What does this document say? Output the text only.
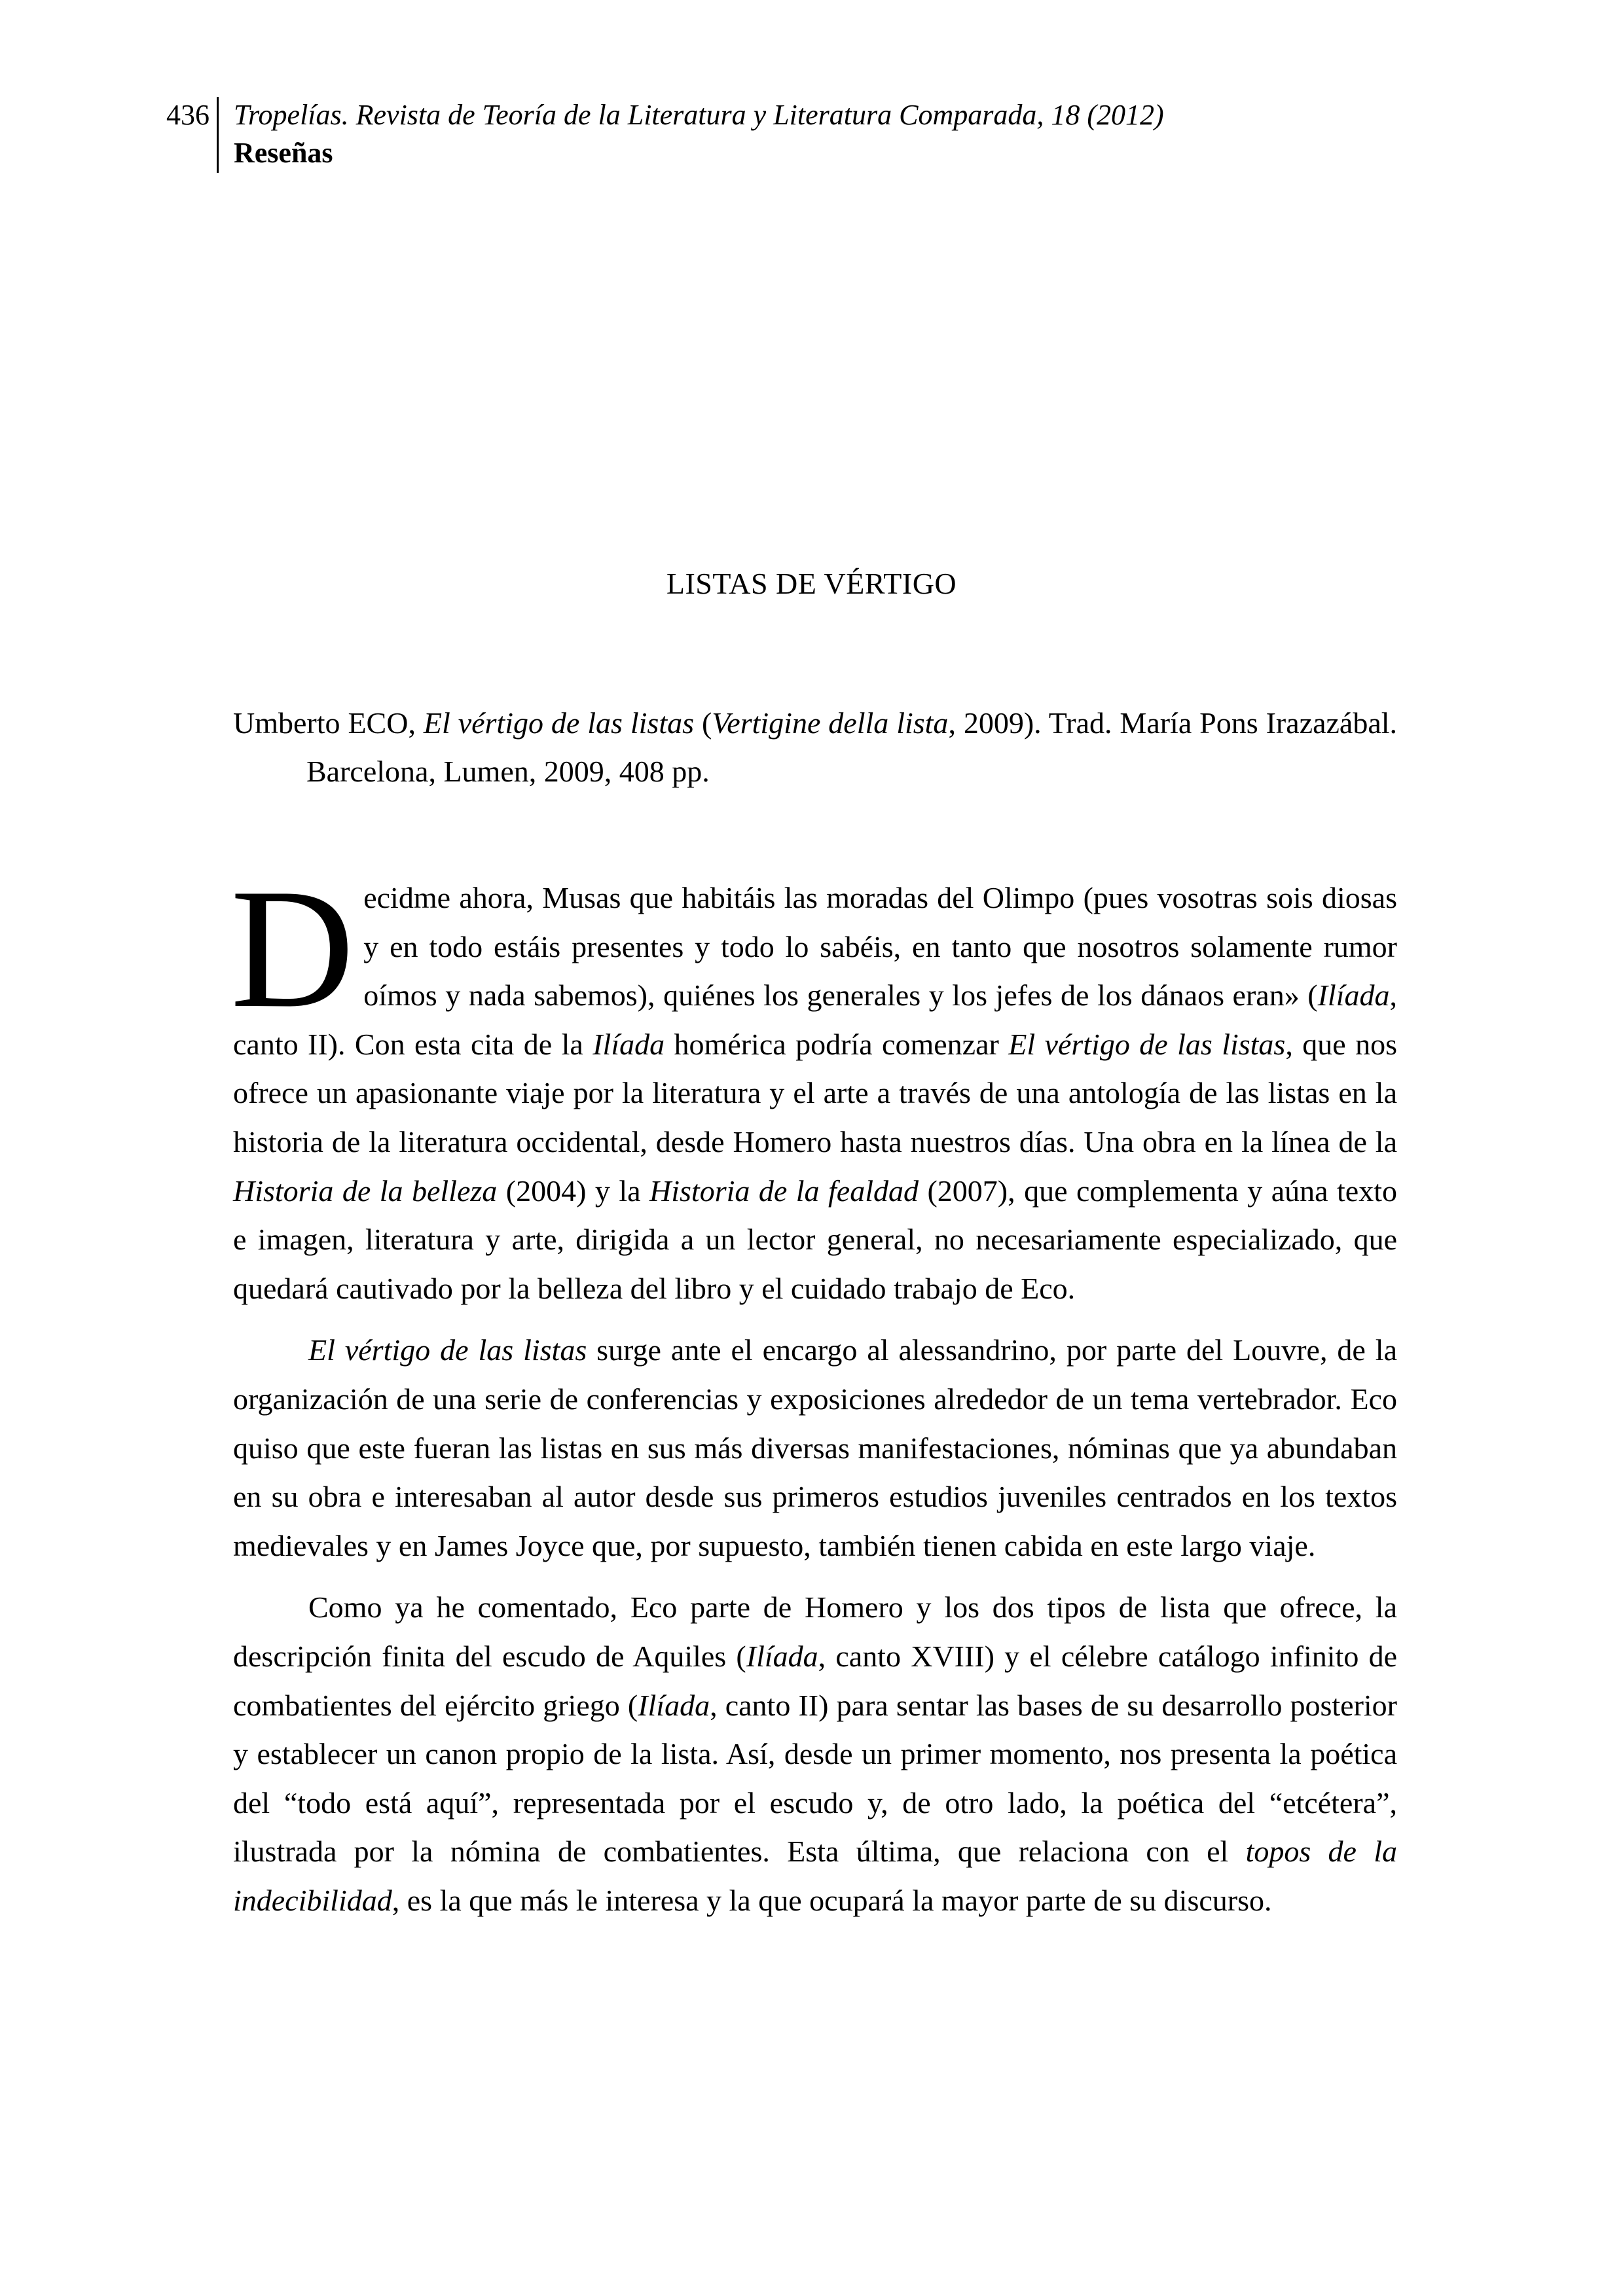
436 Tropelías. Revista de Teoría de la Literatura y Literatura Comparada, 18 (2012)
Reseñas
LISTAS DE VÉRTIGO
Umberto ECO, El vértigo de las listas (Vertigine della lista, 2009). Trad. María Pons Irazazábal. Barcelona, Lumen, 2009, 408 pp.

Decidme ahora, Musas que habitáis las moradas del Olimpo (pues vosotras sois diosas y en todo estáis presentes y todo lo sabéis, en tanto que nosotros solamente rumor oímos y nada sabemos), quiénes los generales y los jefes de los dánaos eran» (Ilíada, canto II). Con esta cita de la Ilíada homérica podría comenzar El vértigo de las listas, que nos ofrece un apasionante viaje por la literatura y el arte a través de una antología de las listas en la historia de la literatura occidental, desde Homero hasta nuestros días. Una obra en la línea de la Historia de la belleza (2004) y la Historia de la fealdad (2007), que complementa y aúna texto e imagen, literatura y arte, dirigida a un lector general, no necesariamente especializado, que quedará cautivado por la belleza del libro y el cuidado trabajo de Eco.

El vértigo de las listas surge ante el encargo al alessandrino, por parte del Louvre, de la organización de una serie de conferencias y exposiciones alrededor de un tema vertebrador. Eco quiso que este fueran las listas en sus más diversas manifestaciones, nóminas que ya abundaban en su obra e interesaban al autor desde sus primeros estudios juveniles centrados en los textos medievales y en James Joyce que, por supuesto, también tienen cabida en este largo viaje.

Como ya he comentado, Eco parte de Homero y los dos tipos de lista que ofrece, la descripción finita del escudo de Aquiles (Ilíada, canto XVIII) y el célebre catálogo infinito de combatientes del ejército griego (Ilíada, canto II) para sentar las bases de su desarrollo posterior y establecer un canon propio de la lista. Así, desde un primer momento, nos presenta la poética del “todo está aquí”, representada por el escudo y, de otro lado, la poética del “etcétera”, ilustrada por la nómina de combatientes. Esta última, que relaciona con el topos de la indecibilidad, es la que más le interesa y la que ocupará la mayor parte de su discurso.
